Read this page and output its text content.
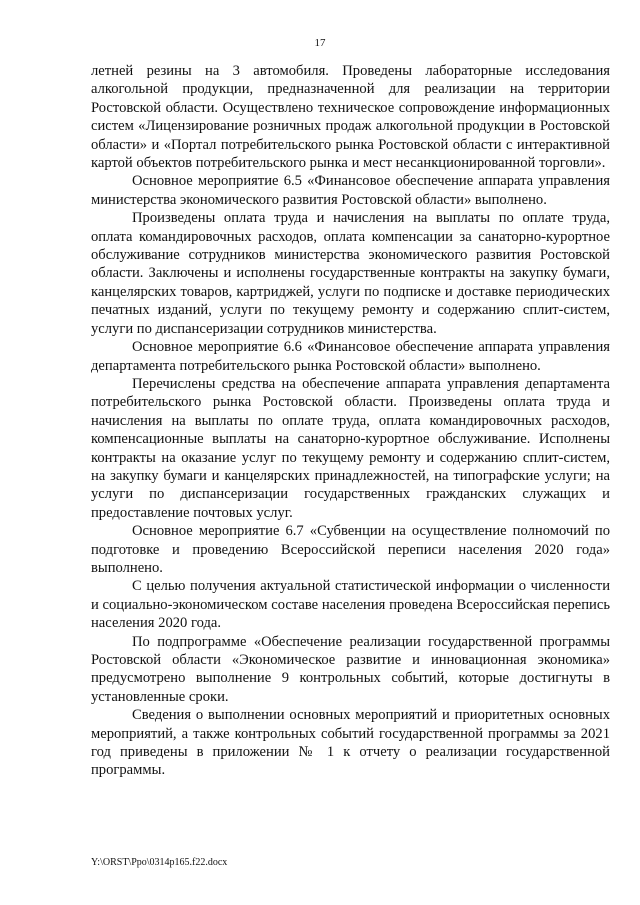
17

летней резины на 3 автомобиля. Проведены лабораторные исследования алкогольной продукции, предназначенной для реализации на территории Ростовской области. Осуществлено техническое сопровождение информационных систем «Лицензирование розничных продаж алкогольной продукции в Ростовской области» и «Портал потребительского рынка Ростовской области с интерактивной картой объектов потребительского рынка и мест несанкционированной торговли».

Основное мероприятие 6.5 «Финансовое обеспечение аппарата управления министерства экономического развития Ростовской области» выполнено.

Произведены оплата труда и начисления на выплаты по оплате труда, оплата командировочных расходов, оплата компенсации за санаторно-курортное обслуживание сотрудников министерства экономического развития Ростовской области. Заключены и исполнены государственные контракты на закупку бумаги, канцелярских товаров, картриджей, услуги по подписке и доставке периодических печатных изданий, услуги по текущему ремонту и содержанию сплит-систем, услуги по диспансеризации сотрудников министерства.

Основное мероприятие 6.6 «Финансовое обеспечение аппарата управления департамента потребительского рынка Ростовской области» выполнено.

Перечислены средства на обеспечение аппарата управления департамента потребительского рынка Ростовской области. Произведены оплата труда и начисления на выплаты по оплате труда, оплата командировочных расходов, компенсационные выплаты на санаторно-курортное обслуживание. Исполнены контракты на оказание услуг по текущему ремонту и содержанию сплит-систем, на закупку бумаги и канцелярских принадлежностей, на типографские услуги; на услуги по диспансеризации государственных гражданских служащих и предоставление почтовых услуг.

Основное мероприятие 6.7 «Субвенции на осуществление полномочий по подготовке и проведению Всероссийской переписи населения 2020 года» выполнено.

С целью получения актуальной статистической информации о численности и социально-экономическом составе населения проведена Всероссийская перепись населения 2020 года.

По подпрограмме «Обеспечение реализации государственной программы Ростовской области «Экономическое развитие и инновационная экономика» предусмотрено выполнение 9 контрольных событий, которые достигнуты в установленные сроки.

Сведения о выполнении основных мероприятий и приоритетных основных мероприятий, а также контрольных событий государственной программы за 2021 год приведены в приложении № 1 к отчету о реализации государственной программы.

Y:\ORST\Ppo\0314p165.f22.docx
